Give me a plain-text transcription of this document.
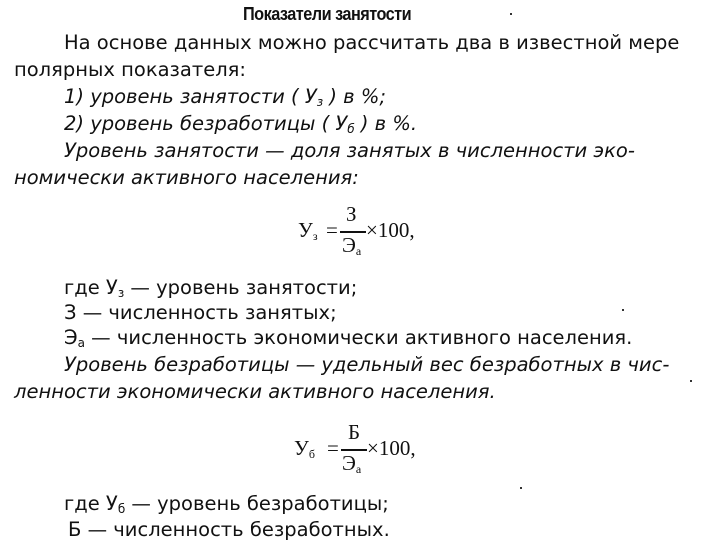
Показатели занятости
На основе данных можно рассчитать два в известной мере
полярных показателя:
1) уровень занятости ( $У_з$ ) в %;
2) уровень безработицы ( $У_б$ ) в %.
Уровень занятости — доля занятых в численности эко-
номически активного населения:
$У_з$ =
З
$Э_а$
×100,
где $У_з$ — уровень занятости;
З — численность занятых;
$Э_а$ — численность экономически активного населения.
Уровень безработицы — удельный вес безработных в чис-
ленности экономически активного населения.
$У_б$ =
Б
$Э_а$
×100,
где $У_б$ — уровень безработицы;
Б — численность безработных.
